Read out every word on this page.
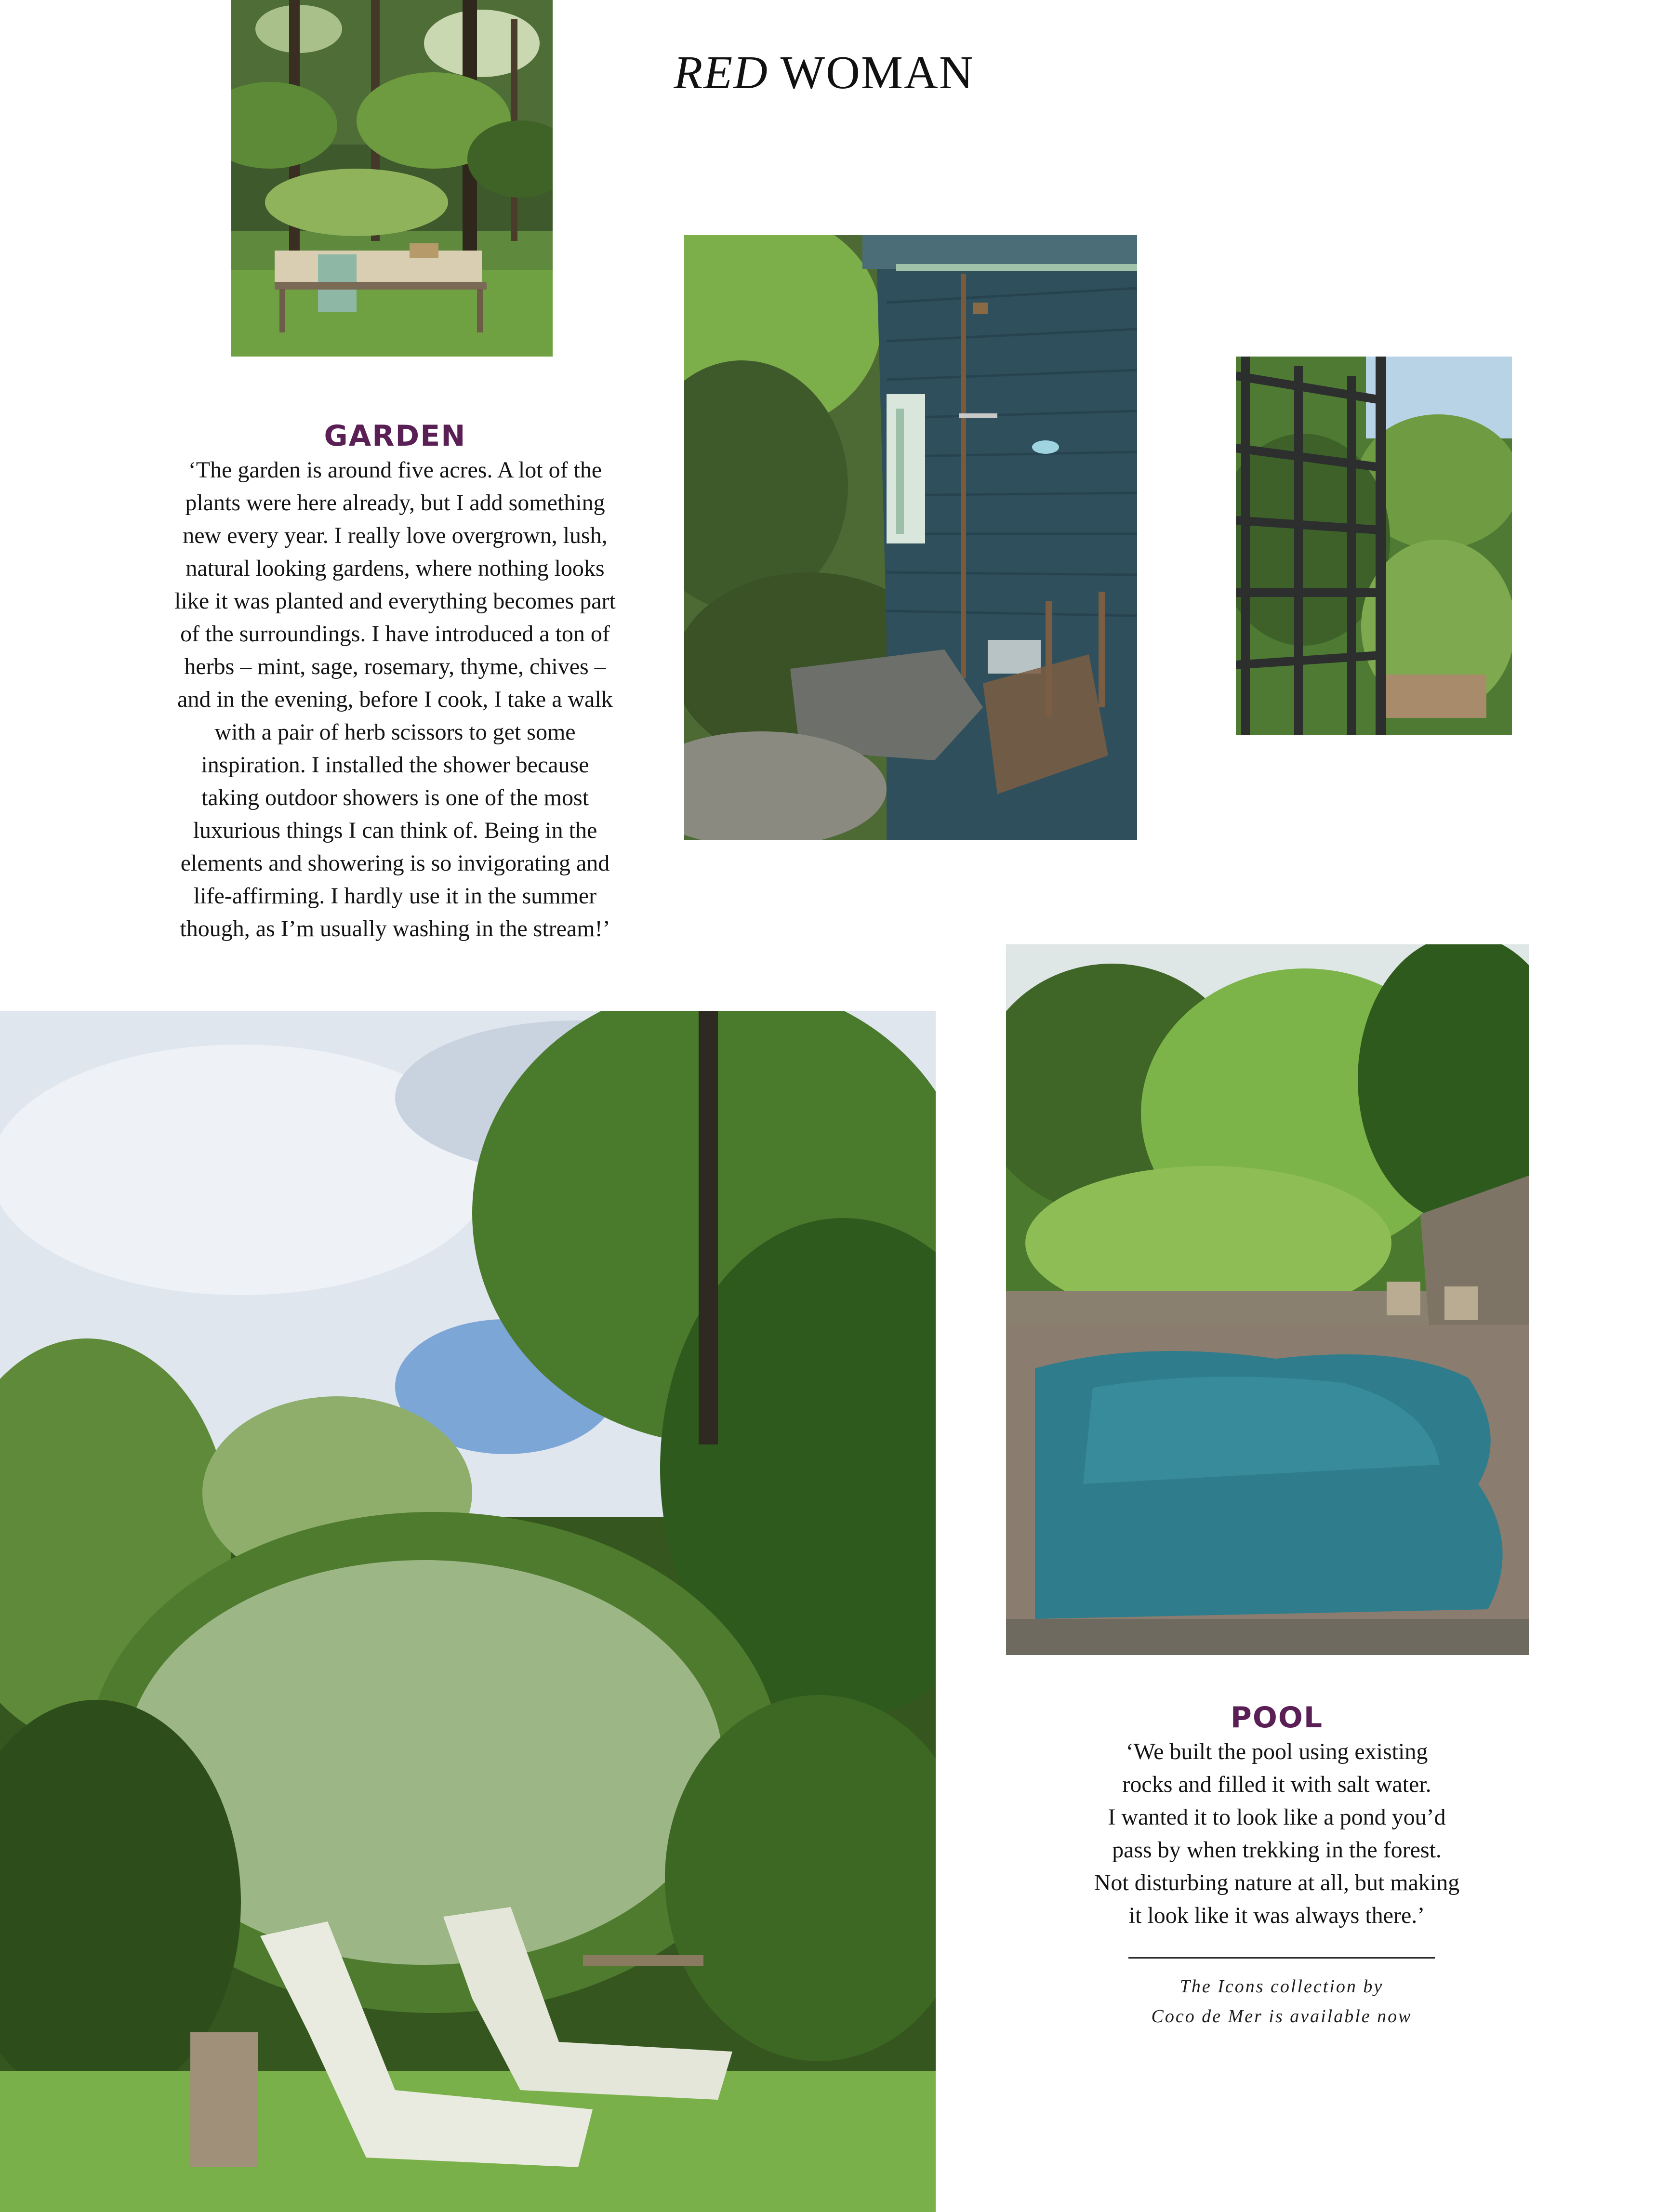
RED WOMAN
GARDEN
‘The garden is around five acres. A lot of the
plants were here already, but I add something
new every year. I really love overgrown, lush,
natural looking gardens, where nothing looks
like it was planted and everything becomes part
of the surroundings. I have introduced a ton of
herbs – mint, sage, rosemary, thyme, chives –
and in the evening, before I cook, I take a walk
with a pair of herb scissors to get some
inspiration. I installed the shower because
taking outdoor showers is one of the most
luxurious things I can think of. Being in the
elements and showering is so invigorating and
life-affirming. I hardly use it in the summer
though, as I’m usually washing in the stream!’
POOL
‘We built the pool using existing
rocks and filled it with salt water.
I wanted it to look like a pond you’d
pass by when trekking in the forest.
Not disturbing nature at all, but making
it look like it was always there.’
The Icons collection by
Coco de Mer is available now
